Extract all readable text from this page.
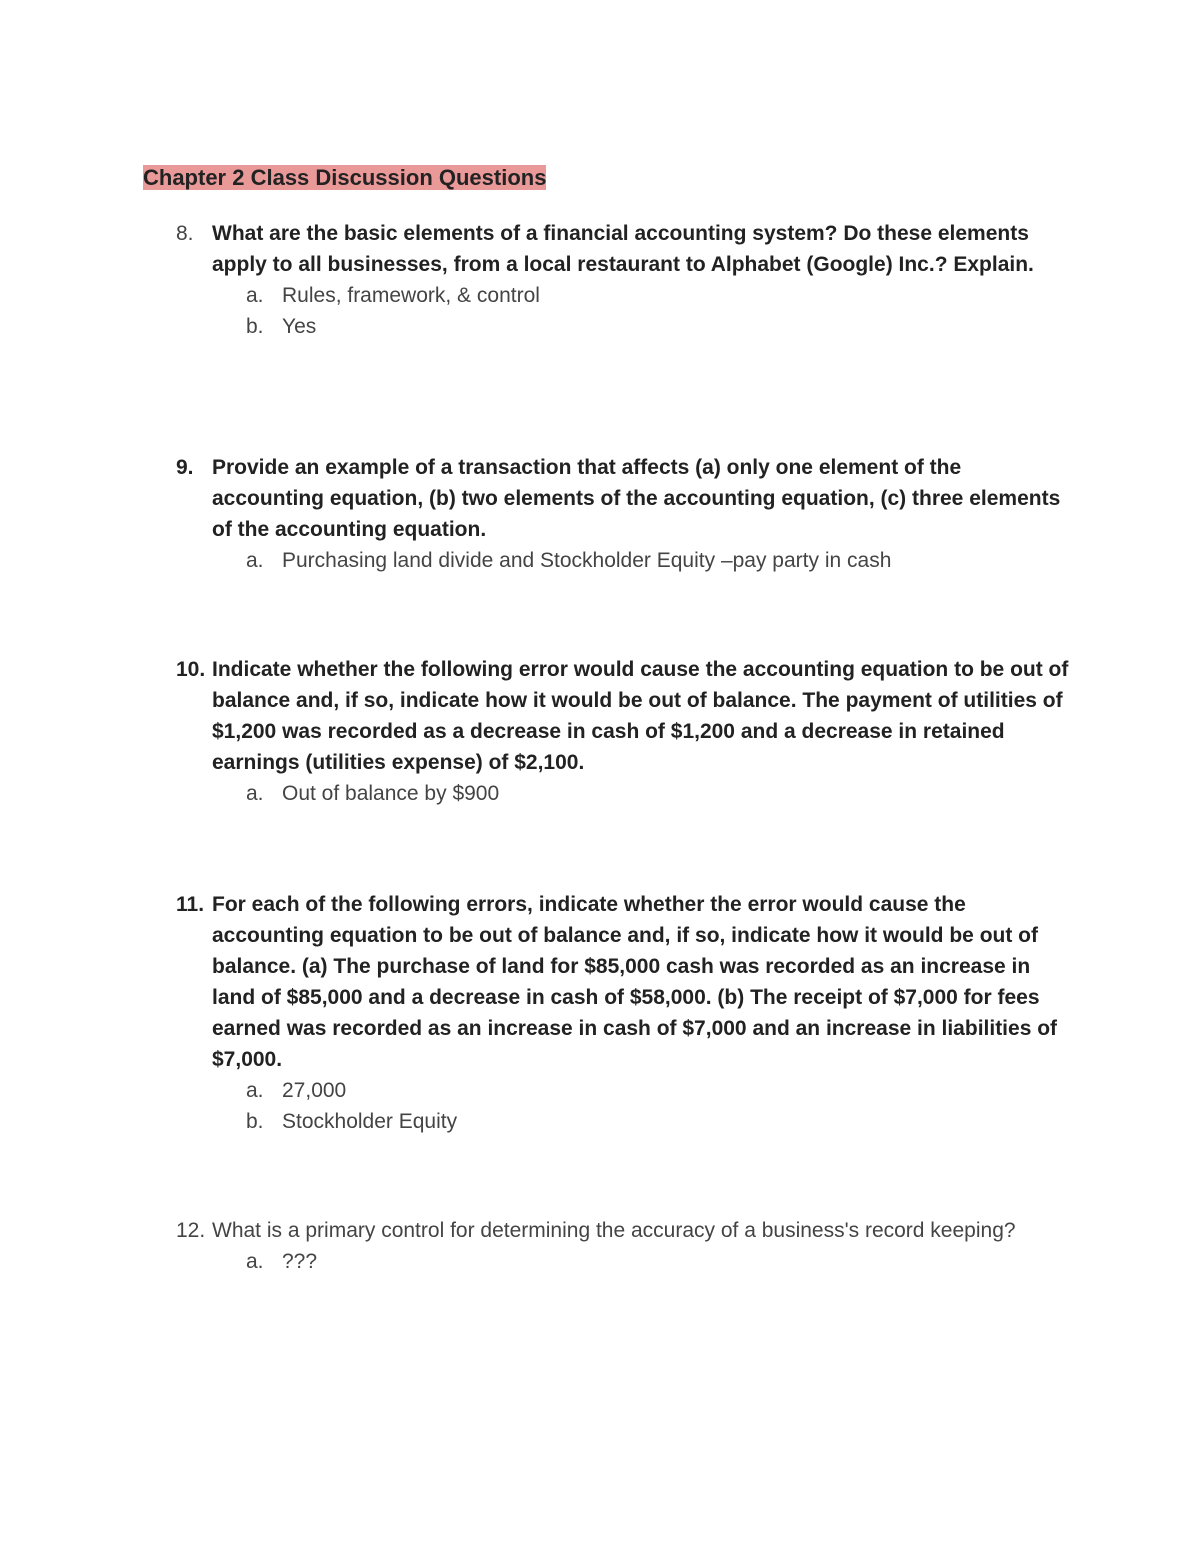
Chapter 2 Class Discussion Questions
8. What are the basic elements of a financial accounting system? Do these elements apply to all businesses, from a local restaurant to Alphabet (Google) Inc.? Explain.
a. Rules, framework, & control
b. Yes
9. Provide an example of a transaction that affects (a) only one element of the accounting equation, (b) two elements of the accounting equation, (c) three elements of the accounting equation.
a. Purchasing land divide and Stockholder Equity –pay party in cash
10. Indicate whether the following error would cause the accounting equation to be out of balance and, if so, indicate how it would be out of balance. The payment of utilities of $1,200 was recorded as a decrease in cash of $1,200 and a decrease in retained earnings (utilities expense) of $2,100.
a. Out of balance by $900
11. For each of the following errors, indicate whether the error would cause the accounting equation to be out of balance and, if so, indicate how it would be out of balance. (a) The purchase of land for $85,000 cash was recorded as an increase in land of $85,000 and a decrease in cash of $58,000. (b) The receipt of $7,000 for fees earned was recorded as an increase in cash of $7,000 and an increase in liabilities of $7,000.
a. 27,000
b. Stockholder Equity
12. What is a primary control for determining the accuracy of a business's record keeping?
a. ???
